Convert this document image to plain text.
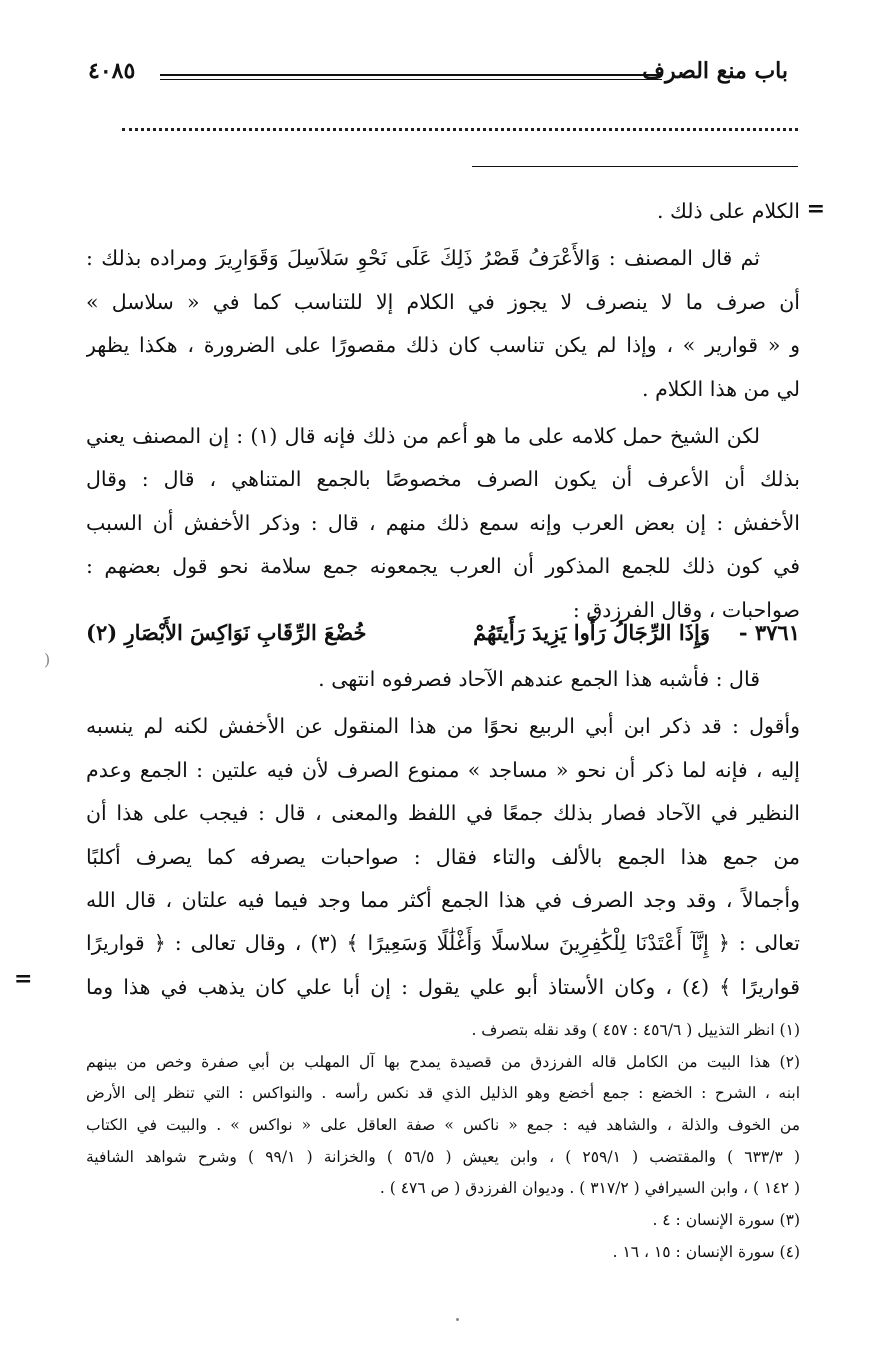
باب منع الصرف
٤٠٨٥
=
الكلام على ذلك .
ثم قال المصنف : وَالأَعْرَفُ قَصْرُ ذَلِكَ عَلَى نَحْوِ سَلاَسِلَ وَقَوَارِيرَ ومراده بذلك :
أن صرف ما لا ينصرف لا يجوز في الكلام إلا للتناسب كما في « سلاسل »
و « قوارير » ، وإذا لم يكن تناسب كان ذلك مقصورًا على الضرورة ، هكذا يظهر
لي من هذا الكلام .
لكن الشيخ حمل كلامه على ما هو أعم من ذلك فإنه قال (١) : إن المصنف يعني
بذلك أن الأعرف أن يكون الصرف مخصوصًا بالجمع المتناهي ، قال : وقال
الأخفش : إن بعض العرب وإنه سمع ذلك منهم ، قال : وذكر الأخفش أن السبب
في كون ذلك للجمع المذكور أن العرب يجمعونه جمع سلامة نحو قول بعضهم :
صواحبات ، وقال الفرزدق :
٣٧٦١ -
وَإِذَا الرِّجَالُ رَأَوا يَزِيدَ رَأَيتَهُمْ
خُضْعَ الرِّقَابِ نَوَاكِسَ الأَبْصَارِ (٢)
قال : فأشبه هذا الجمع عندهم الآحاد فصرفوه انتهى .
وأقول : قد ذكر ابن أبي الربيع نحوًا من هذا المنقول عن الأخفش لكنه لم ينسبه
إليه ، فإنه لما ذكر أن نحو « مساجد » ممنوع الصرف لأن فيه علتين : الجمع وعدم
النظير في الآحاد فصار بذلك جمعًا في اللفظ والمعنى ، قال : فيجب على هذا أن
من جمع هذا الجمع بالألف والتاء فقال : صواحبات يصرفه كما يصرف أكلبًا
وأجمالاً ، وقد وجد الصرف في هذا الجمع أكثر مما وجد فيما فيه علتان ، قال الله
تعالى : ﴿ إِنَّآ أَعْتَدْنَا لِلْكَٰفِرِينَ سلاسلًا وَأَغْلَٰلًا وَسَعِيرًا ﴾ (٣) ، وقال تعالى : ﴿ قواريرًا
قواريرًا ﴾ (٤) ، وكان الأستاذ أبو علي يقول : إن أبا علي كان يذهب في هذا وما
=
(١) انظر التذييل ( ٤٥٦/٦ : ٤٥٧ ) وقد نقله بتصرف .
(٢) هذا البيت من الكامل قاله الفرزدق من قصيدة يمدح بها آل المهلب بن أبي صفرة وخص من بينهم
ابنه ، الشرح : الخضع : جمع أخضع وهو الذليل الذي قد نكس رأسه . والنواكس : التي تنظر إلى الأرض
من الخوف والذلة ، والشاهد فيه : جمع « ناكس » صفة العاقل على « نواكس » . والبيت في الكتاب
( ٦٣٣/٣ ) والمقتضب ( ٢٥٩/١ ) ، وابن يعيش ( ٥٦/٥ ) والخزانة ( ٩٩/١ ) وشرح شواهد الشافية
( ١٤٢ ) ، وابن السيرافي ( ٣١٧/٢ ) . وديوان الفرزدق ( ص ٤٧٦ ) .
(٣) سورة الإنسان : ٤ .
(٤) سورة الإنسان : ١٥ ، ١٦ .
(
